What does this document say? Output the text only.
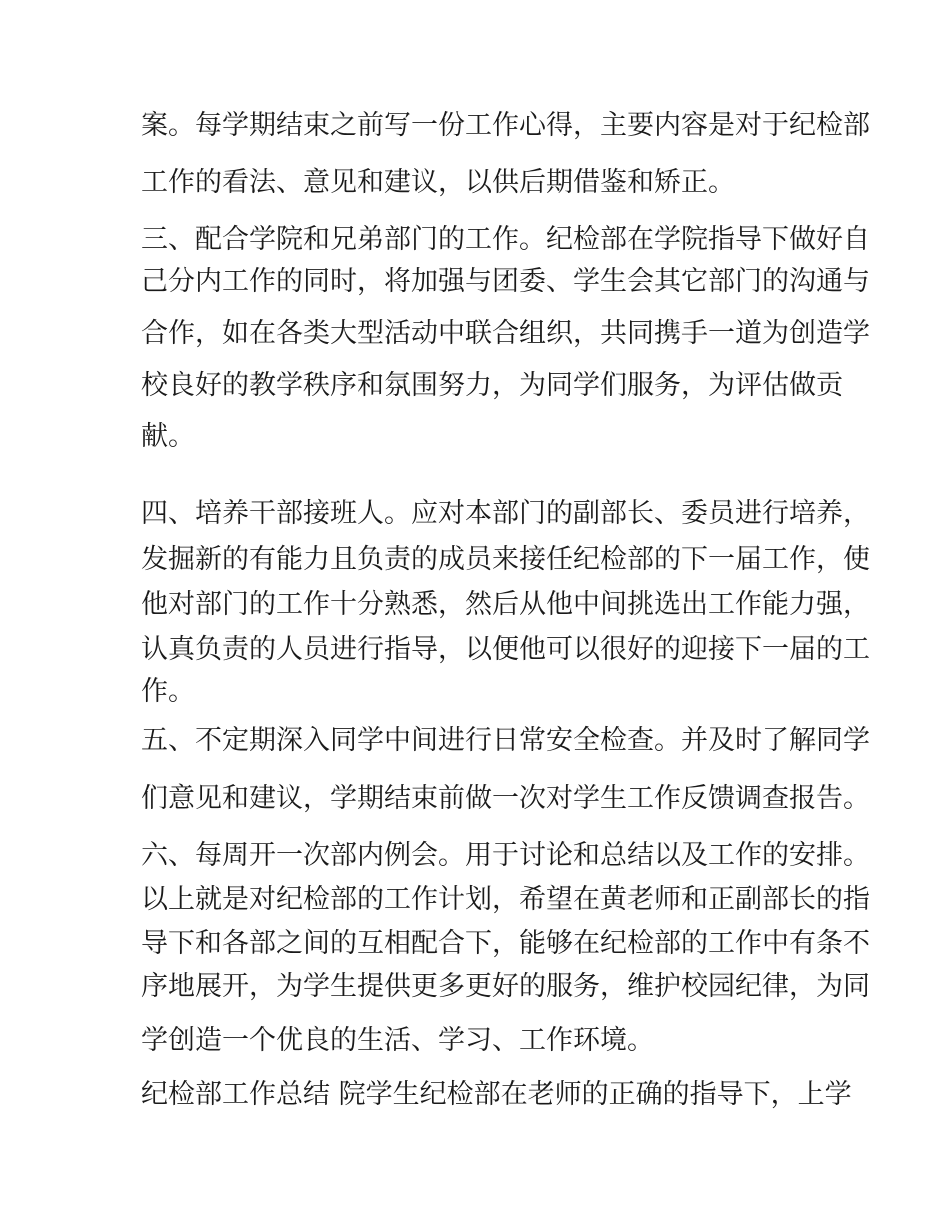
案。每学期结束之前写一份工作心得，主要内容是对于纪检部
工作的看法、意见和建议，以供后期借鉴和矫正。
三、配合学院和兄弟部门的工作。纪检部在学院指导下做好自
己分内工作的同时，将加强与团委、学生会其它部门的沟通与
合作，如在各类大型活动中联合组织，共同携手一道为创造学
校良好的教学秩序和氛围努力，为同学们服务，为评估做贡
献。
四、培养干部接班人。应对本部门的副部长、委员进行培养，
发掘新的有能力且负责的成员来接任纪检部的下一届工作，使
他对部门的工作十分熟悉，然后从他中间挑选出工作能力强，
认真负责的人员进行指导，以便他可以很好的迎接下一届的工
作。
五、不定期深入同学中间进行日常安全检查。并及时了解同学
们意见和建议，学期结束前做一次对学生工作反馈调查报告。
六、每周开一次部内例会。用于讨论和总结以及工作的安排。
以上就是对纪检部的工作计划，希望在黄老师和正副部长的指
导下和各部之间的互相配合下，能够在纪检部的工作中有条不
序地展开，为学生提供更多更好的服务，维护校园纪律，为同
学创造一个优良的生活、学习、工作环境。
纪检部工作总结 院学生纪检部在老师的正确的指导下，上学
